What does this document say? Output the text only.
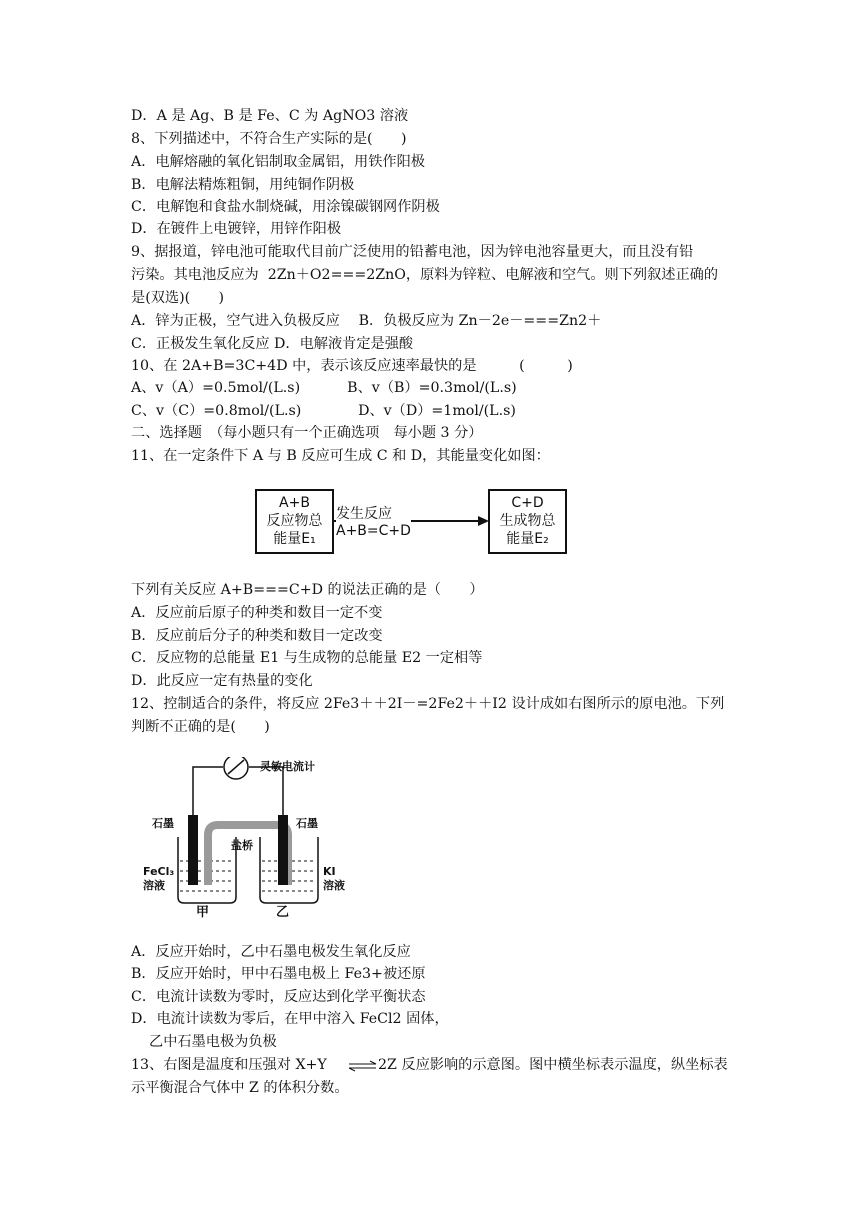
D．A 是 Ag、B 是 Fe、C 为 AgNO3 溶液
8、下列描述中，不符合生产实际的是(　　)
A．电解熔融的氧化铝制取金属铝，用铁作阳极
B．电解法精炼粗铜，用纯铜作阴极
C．电解饱和食盐水制烧碱，用涂镍碳钢网作阴极
D．在镀件上电镀锌，用锌作阳极
9、据报道，锌电池可能取代目前广泛使用的铅蓄电池，因为锌电池容量更大，而且没有铅
污染。其电池反应为  2Zn＋O2===2ZnO，原料为锌粒、电解液和空气。则下列叙述正确的
是(双选)(　　)
A．锌为正极，空气进入负极反应　 B．负极反应为 Zn－2e－===Zn2＋
C．正极发生氧化反应 D．电解液肯定是强酸
10、在 2A+B=3C+4D 中，表示该反应速率最快的是　　　(　　　)
A、v（A）=0.5mol/(L.s)　　　 B、v（B）=0.3mol/(L.s)
C、v（C）=0.8mol/(L.s)　　　　D、v（D）=1mol/(L.s)
二、选择题　（每小题只有一个正确选项　每小题 3 分）
11、在一定条件下 A 与 B 反应可生成 C 和 D，其能量变化如图：
A+B
反应物总
能量E₁
发生反应A+B=C+D
C+D
生成物总
能量E₂
下列有关反应 A+B===C+D 的说法正确的是（　　）
A．反应前后原子的种类和数目一定不变
B．反应前后分子的种类和数目一定改变
C．反应物的总能量 E1 与生成物的总能量 E2 一定相等
D．此反应一定有热量的变化
12、控制适合的条件，将反应 2Fe3＋＋2I－=2Fe2＋＋I2 设计成如右图所示的原电池。下列
判断不正确的是(　　)
灵敏电流计
石墨	石墨
盐桥
FeCl₃
溶液
KI
溶液
甲	乙
A．反应开始时，乙中石墨电极发生氧化反应
B．反应开始时，甲中石墨电极上 Fe3+被还原
C．电流计读数为零时，反应达到化学平衡状态
D．电流计读数为零后，在甲中溶入 FeCl2 固体，
乙中石墨电极为负极
13、右图是温度和压强对 X+Y ⇌ 2Z 反应影响的示意图。图中横坐标表示温度，纵坐标表
示平衡混合气体中 Z 的体积分数。
